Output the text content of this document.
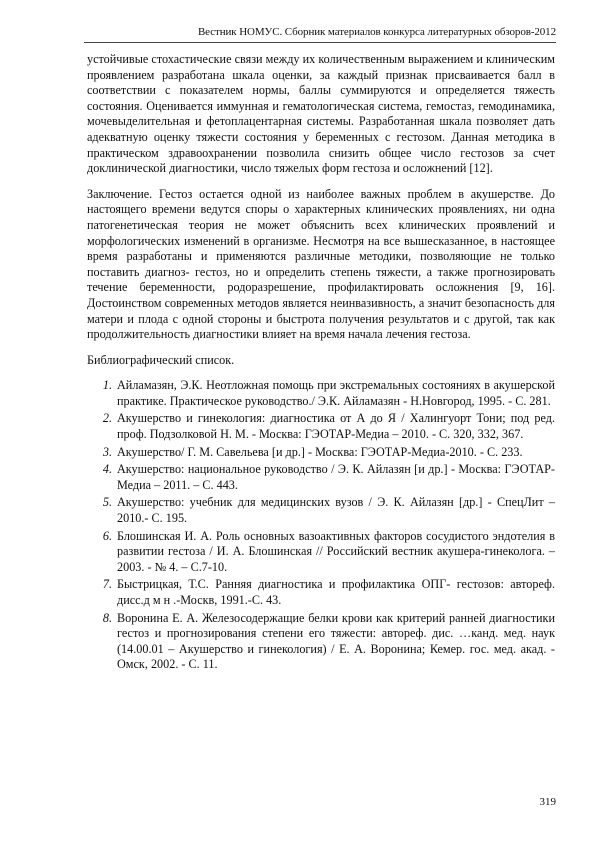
Вестник НОМУС. Сборник материалов конкурса литературных обзоров-2012

устойчивые стохастические связи между их количественным выражением и клиническим проявлением разработана шкала оценки, за каждый признак присваивается балл в соответствии с показателем нормы, баллы суммируются и определяется тяжесть состояния. Оценивается иммунная и гематологическая система, гемостаз, гемодинамика, мочевыделительная и фетоплацентарная системы. Разработанная шкала позволяет дать адекватную оценку тяжести состояния у беременных с гестозом. Данная методика в практическом здравоохранении позволила снизить общее число гестозов за счет доклинической диагностики, число тяжелых форм гестоза и осложнений [12].

Заключение. Гестоз остается одной из наиболее важных проблем в акушерстве. До настоящего времени ведутся споры о характерных клинических проявлениях, ни одна патогенетическая теория не может объяснить всех клинических проявлений и морфологических изменений в организме. Несмотря на все вышесказанное, в настоящее время разработаны и применяются различные методики, позволяющие не только поставить диагноз- гестоз, но и определить степень тяжести, а также прогнозировать течение беременности, родоразрешение, профилактировать осложнения [9, 16]. Достоинством современных методов является неинвазивность, а значит безопасность для матери и плода с одной стороны и быстрота получения результатов и с другой, так как продолжительность диагностики влияет на время начала лечения гестоза.

Библиографический список.

1. Айламазян, Э.К. Неотложная помощь при экстремальных состояниях в акушерской практике. Практическое руководство./ Э.К. Айламазян - Н.Новгород, 1995. - С. 281.
2. Акушерство и гинекология: диагностика от А до Я / Халингуорт Тони; под ред. проф. Подзолковой Н. М. - Москва: ГЭОТАР-Медиа – 2010. - С. 320, 332, 367.
3. Акушерство/ Г. М. Савельева [и др.] - Москва: ГЭОТАР-Медиа-2010. - С. 233.
4. Акушерство: национальное руководство / Э. К. Айлазян [и др.] - Москва: ГЭОТАР-Медиа – 2011. – С. 443.
5. Акушерство: учебник для медицинских вузов / Э. К. Айлазян [др.] - СпецЛит – 2010.- С. 195.
6. Блошинская И. А. Роль основных вазоактивных факторов сосудистого эндотелия в развитии гестоза / И. А. Блошинская // Российский вестник акушера-гинеколога. – 2003. - № 4. – С.7-10.
7. Быстрицкая, Т.С. Ранняя диагностика и профилактика ОПГ- гестозов: автореф. дисс.д м н .-Москв, 1991.-С. 43.
8. Воронина Е. А. Железосодержащие белки крови как критерий ранней диагностики гестоз и прогнозирования степени его тяжести: автореф. дис. …канд. мед. наук (14.00.01 – Акушерство и гинекология) / Е. А. Воронина; Кемер. гос. мед. акад. - Омск, 2002. - С. 11.
319
